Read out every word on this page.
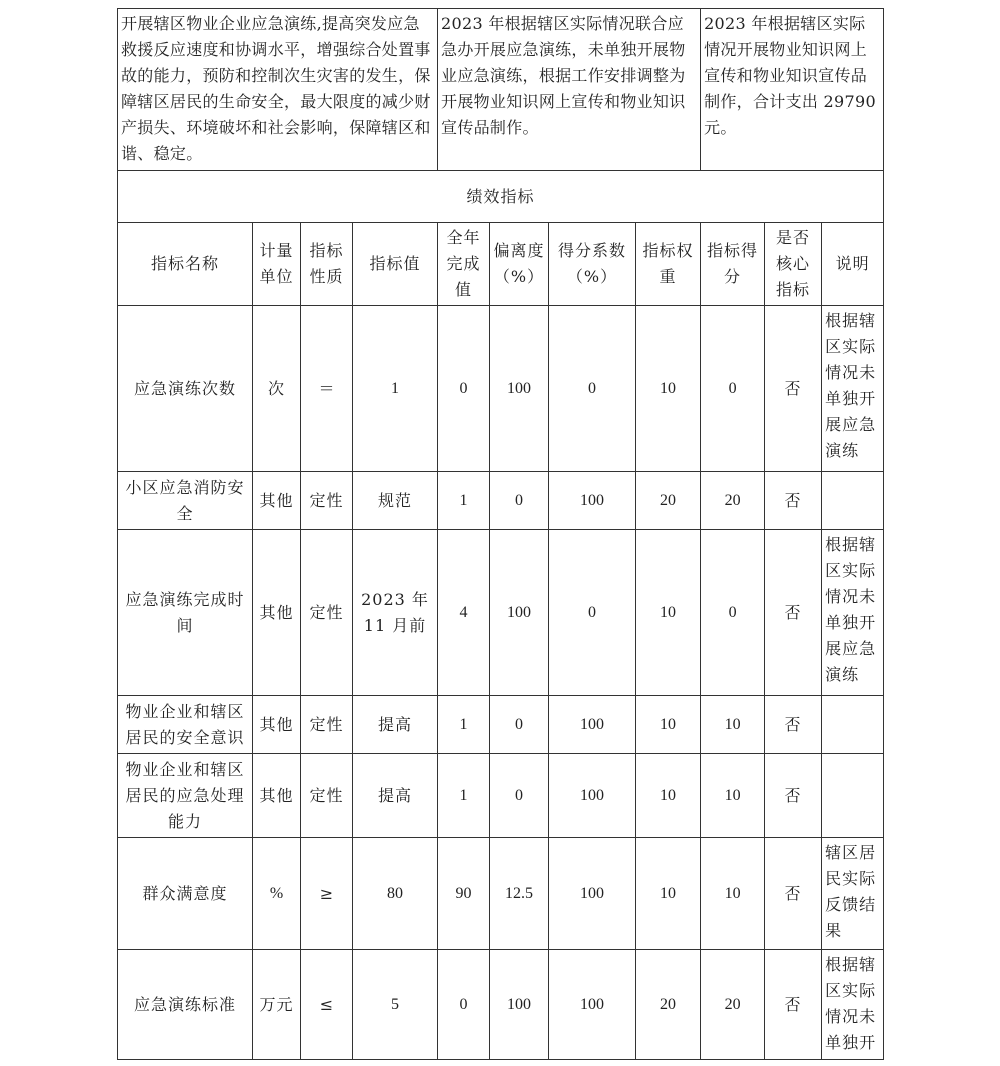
开展辖区物业企业应急演练,提高突发应急救援反应速度和协调水平，增强综合处置事故的能力，预防和控制次生灾害的发生，保障辖区居民的生命安全，最大限度的减少财产损失、环境破坏和社会影响，保障辖区和谐、稳定。				2023 年根据辖区实际情况联合应急办开展应急演练，未单独开展物业应急演练，根据工作安排调整为开展物业知识网上宣传和物业知识宣传品制作。				2023 年根据辖区实际情况开展物业知识网上宣传和物业知识宣传品制作，合计支出 29790 元。		
绩效指标										
指标名称	计量单位	指标性质	指标值	全年完成值	偏离度（%）	得分系数（%）	指标权重	指标得分	是否核心指标	说明
应急演练次数	次	＝	1	0	100	0	10	0	否	根据辖区实际情况未单独开展应急演练
小区应急消防安全	其他	定性	规范	1	0	100	20	20	否	
应急演练完成时间	其他	定性	2023 年 11 月前	4	100	0	10	0	否	根据辖区实际情况未单独开展应急演练
物业企业和辖区居民的安全意识	其他	定性	提高	1	0	100	10	10	否	
物业企业和辖区居民的应急处理能力	其他	定性	提高	1	0	100	10	10	否	
群众满意度	%	≥	80	90	12.5	100	10	10	否	辖区居民实际反馈结果
应急演练标准	万元	≤	5	0	100	100	20	20	否	根据辖区实际情况未单独开
